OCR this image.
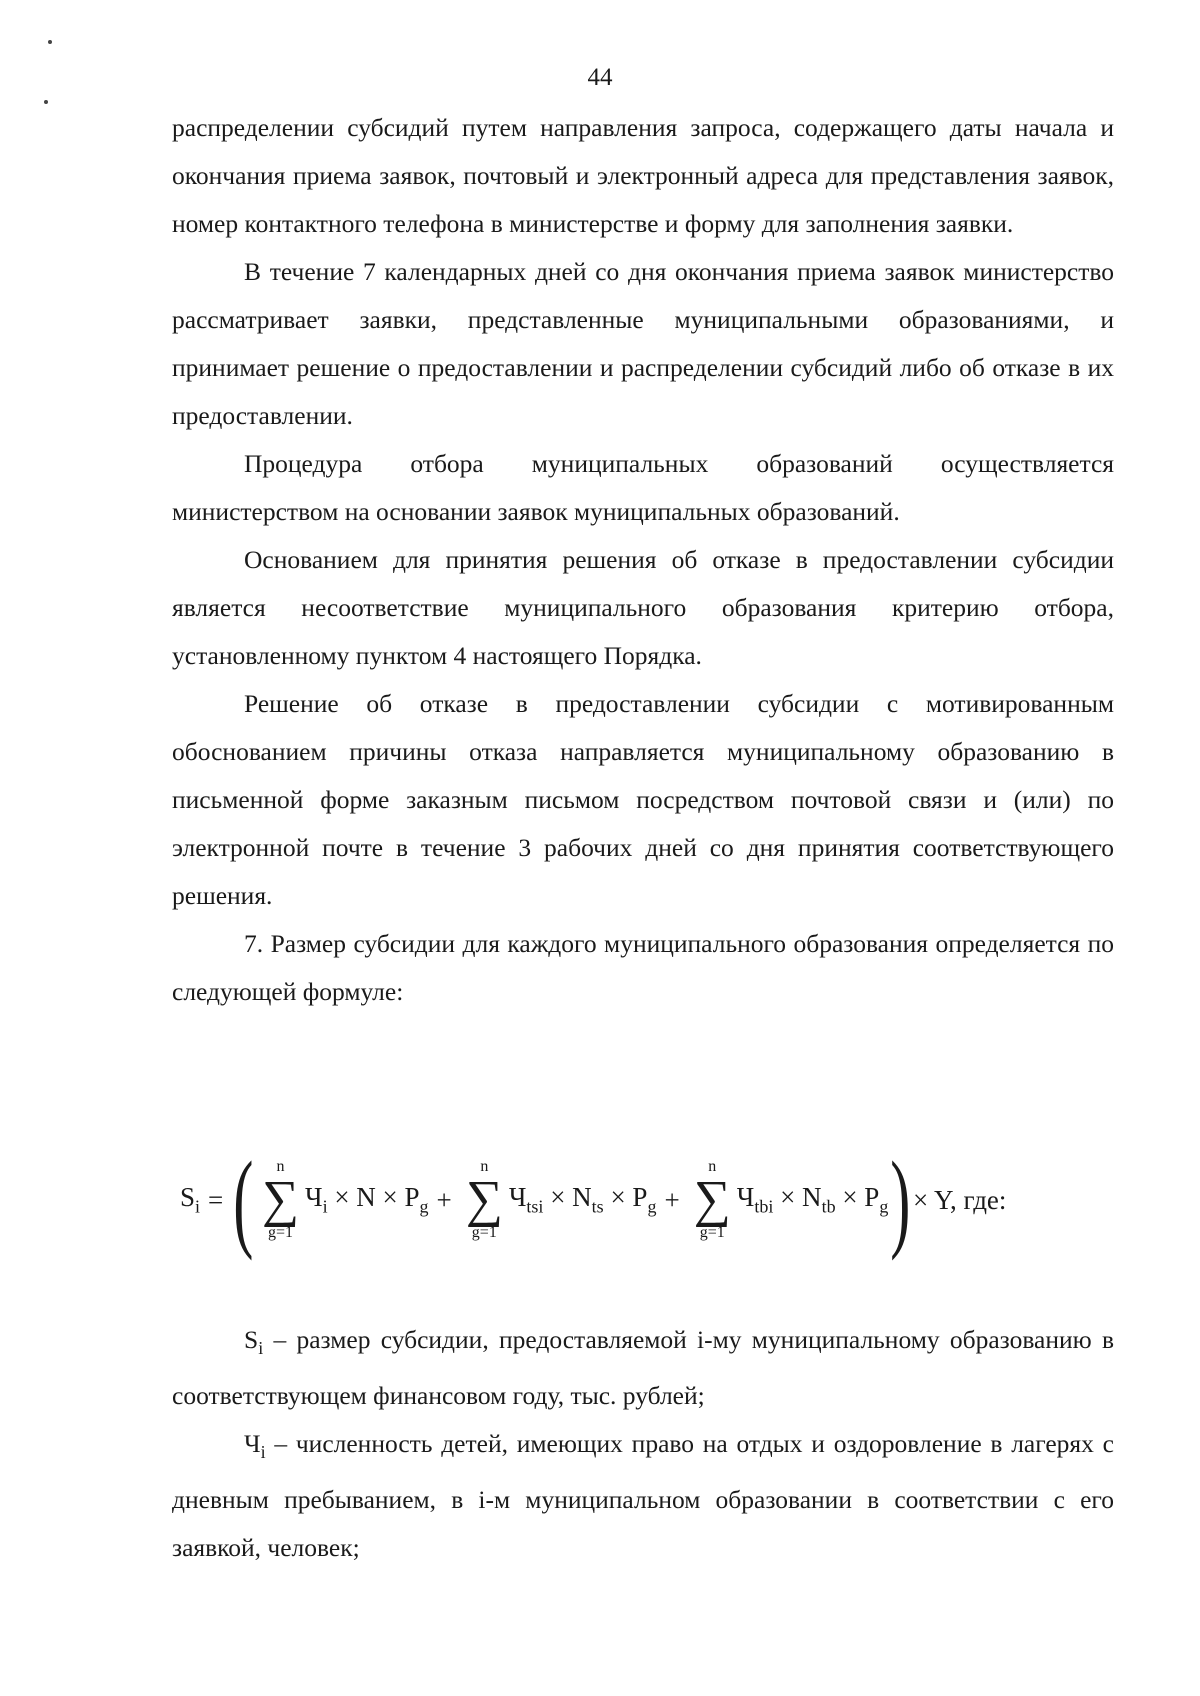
44

распределении субсидий путем направления запроса, содержащего даты начала и окончания приема заявок, почтовый и электронный адреса для представления заявок, номер контактного телефона в министерстве и форму для заполнения заявки.

В течение 7 календарных дней со дня окончания приема заявок министерство рассматривает заявки, представленные муниципальными образованиями, и принимает решение о предоставлении и распределении субсидий либо об отказе в их предоставлении.

Процедура отбора муниципальных образований осуществляется министерством на основании заявок муниципальных образований.

Основанием для принятия решения об отказе в предоставлении субсидии является несоответствие муниципального образования критерию отбора, установленному пунктом 4 настоящего Порядка.

Решение об отказе в предоставлении субсидии с мотивированным обоснованием причины отказа направляется муниципальному образованию в письменной форме заказным письмом посредством почтовой связи и (или) по электронной почте в течение 3 рабочих дней со дня принятия соответствующего решения.

7. Размер субсидии для каждого муниципального образования определяется по следующей формуле:

$S_i$ = ( n
∑
g=1
$Ч_i \times N \times P_g$ +
n
∑
g=1
$Ч_{tsi} \times N_{ts} \times P_g$ +
n
∑
g=1
$Ч_{tbi} \times N_{tb} \times P_g$ ) × Y, где:

$S_i$ – размер субсидии, предоставляемой i-му муниципальному образованию в соответствующем финансовом году, тыс. рублей;

$Ч_i$ – численность детей, имеющих право на отдых и оздоровление в лагерях с дневным пребыванием, в i-м муниципальном образовании в соответствии с его заявкой, человек;
